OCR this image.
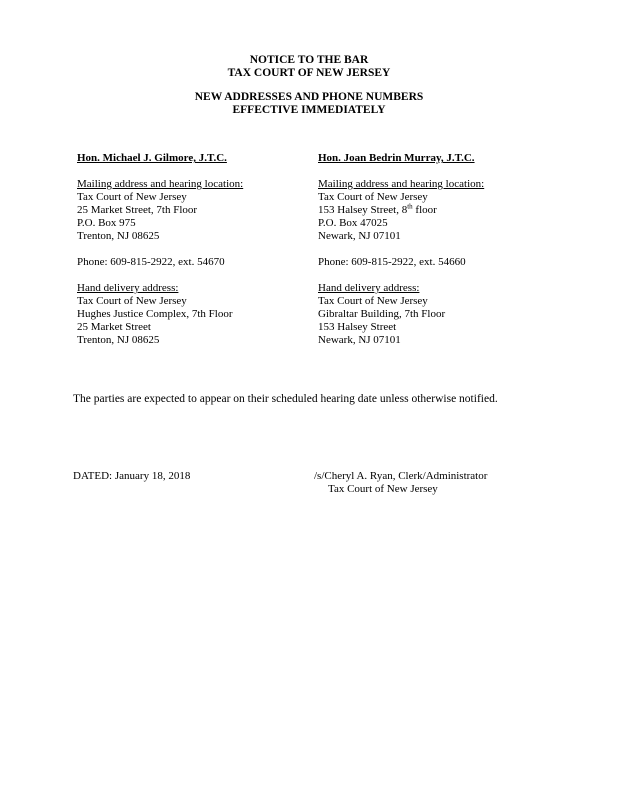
NOTICE TO THE BAR
TAX COURT OF NEW JERSEY
NEW ADDRESSES AND PHONE NUMBERS
EFFECTIVE IMMEDIATELY
Hon. Michael J. Gilmore, J.T.C.
Mailing address and hearing location:
Tax Court of New Jersey
25 Market Street, 7th Floor
P.O. Box 975
Trenton, NJ 08625
Phone: 609-815-2922, ext. 54670
Hand delivery address:
Tax Court of New Jersey
Hughes Justice Complex, 7th Floor
25 Market Street
Trenton, NJ 08625
Hon. Joan Bedrin Murray, J.T.C.
Mailing address and hearing location:
Tax Court of New Jersey
153 Halsey Street, 8th floor
P.O. Box 47025
Newark, NJ 07101
Phone: 609-815-2922, ext. 54660
Hand delivery address:
Tax Court of New Jersey
Gibraltar Building, 7th Floor
153 Halsey Street
Newark, NJ 07101
The parties are expected to appear on their scheduled hearing date unless otherwise notified.
DATED: January 18, 2018	/s/Cheryl A. Ryan, Clerk/Administrator
Tax Court of New Jersey
